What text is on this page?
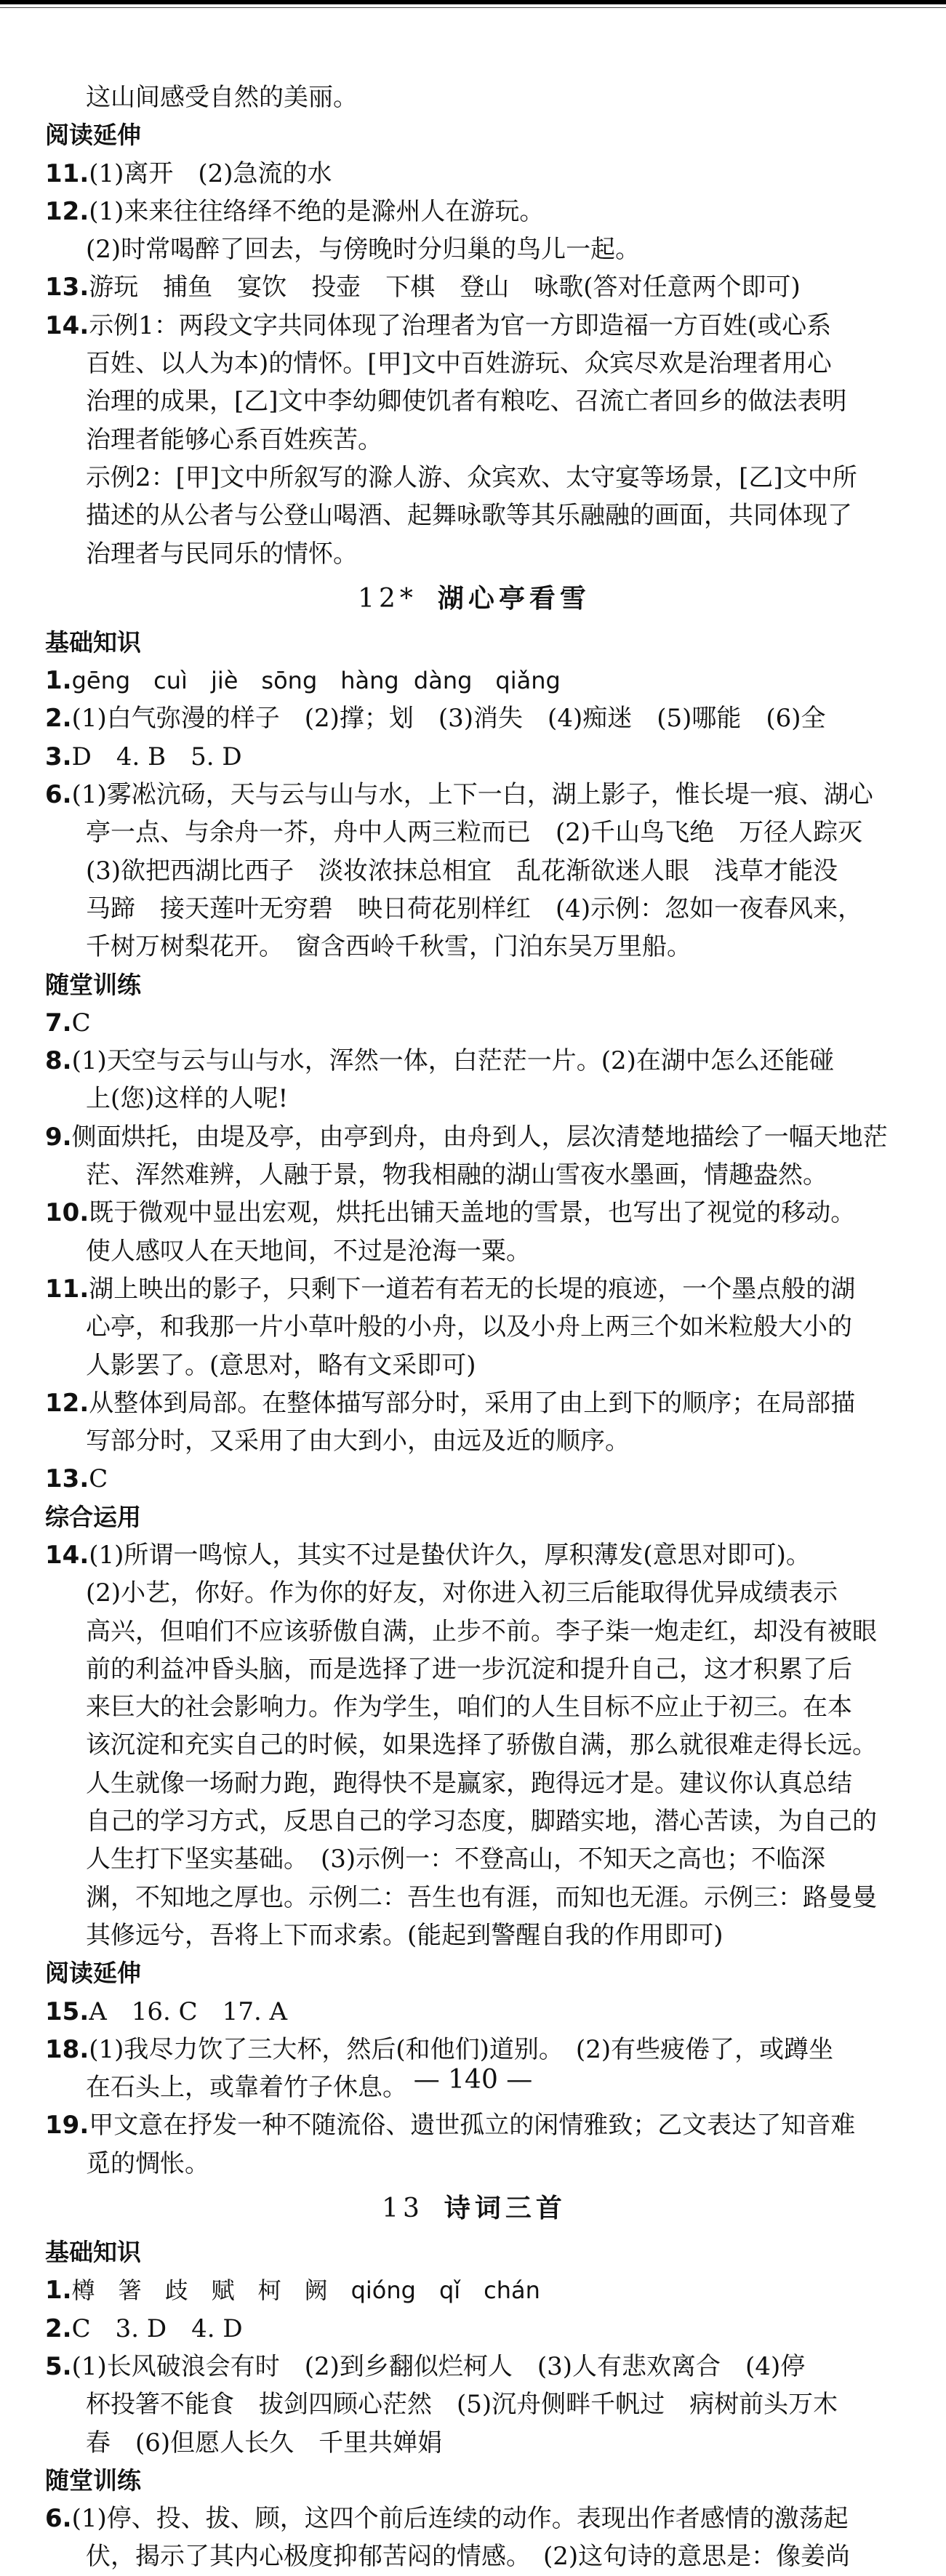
这山间感受自然的美丽。
阅读延伸
11.(1)离开　(2)急流的水
12.(1)来来往往络绎不绝的是滁州人在游玩。
(2)时常喝醉了回去，与傍晚时分归巢的鸟儿一起。
13.游玩　捕鱼　宴饮　投壶　下棋　登山　咏歌(答对任意两个即可)
14.示例1：两段文字共同体现了治理者为官一方即造福一方百姓(或心系
百姓、以人为本)的情怀。[甲]文中百姓游玩、众宾尽欢是治理者用心
治理的成果，[乙]文中李幼卿使饥者有粮吃、召流亡者回乡的做法表明
治理者能够心系百姓疾苦。
示例2：[甲]文中所叙写的滁人游、众宾欢、太守宴等场景，[乙]文中所
描述的从公者与公登山喝酒、起舞咏歌等其乐融融的画面，共同体现了
治理者与民同乐的情怀。
12* 湖心亭看雪
基础知识
1.gēng　cuì　jiè　sōng　hàng dàng　qiǎng
2.(1)白气弥漫的样子　(2)撑；划　(3)消失　(4)痴迷　(5)哪能　(6)全
3.D　4. B　5. D
6.(1)雾凇沆砀，天与云与山与水，上下一白，湖上影子，惟长堤一痕、湖心
亭一点、与余舟一芥，舟中人两三粒而已　(2)千山鸟飞绝　万径人踪灭
(3)欲把西湖比西子　淡妆浓抹总相宜　乱花渐欲迷人眼　浅草才能没
马蹄　接天莲叶无穷碧　映日荷花别样红　(4)示例：忽如一夜春风来，
千树万树梨花开。　窗含西岭千秋雪，门泊东吴万里船。
随堂训练
7.C
8.(1)天空与云与山与水，浑然一体，白茫茫一片。(2)在湖中怎么还能碰
上(您)这样的人呢!
9.侧面烘托，由堤及亭，由亭到舟，由舟到人，层次清楚地描绘了一幅天地茫
茫、浑然难辨，人融于景，物我相融的湖山雪夜水墨画，情趣盎然。
10.既于微观中显出宏观，烘托出铺天盖地的雪景，也写出了视觉的移动。
使人感叹人在天地间，不过是沧海一粟。
11.湖上映出的影子，只剩下一道若有若无的长堤的痕迹，一个墨点般的湖
心亭，和我那一片小草叶般的小舟，以及小舟上两三个如米粒般大小的
人影罢了。(意思对，略有文采即可)
12.从整体到局部。在整体描写部分时，采用了由上到下的顺序；在局部描
写部分时，又采用了由大到小，由远及近的顺序。
13.C
综合运用
14.(1)所谓一鸣惊人，其实不过是蛰伏许久，厚积薄发(意思对即可)。
(2)小艺，你好。作为你的好友，对你进入初三后能取得优异成绩表示
高兴，但咱们不应该骄傲自满，止步不前。李子柒一炮走红，却没有被眼
前的利益冲昏头脑，而是选择了进一步沉淀和提升自己，这才积累了后
来巨大的社会影响力。作为学生，咱们的人生目标不应止于初三。在本
该沉淀和充实自己的时候，如果选择了骄傲自满，那么就很难走得长远。
人生就像一场耐力跑，跑得快不是赢家，跑得远才是。建议你认真总结
自己的学习方式，反思自己的学习态度，脚踏实地，潜心苦读，为自己的
人生打下坚实基础。　(3)示例一：不登高山，不知天之高也；不临深
渊，不知地之厚也。示例二：吾生也有涯，而知也无涯。示例三：路曼曼
其修远兮，吾将上下而求索。(能起到警醒自我的作用即可)
阅读延伸
15.A　16. C　17. A
18.(1)我尽力饮了三大杯，然后(和他们)道别。　(2)有些疲倦了，或蹲坐
在石头上，或靠着竹子休息。
19.甲文意在抒发一种不随流俗、遗世孤立的闲情雅致；乙文表达了知音难
觅的惆怅。
13 诗词三首
基础知识
1.樽　箸　歧　赋　柯　阙　qióng　qǐ　chán
2.C　3. D　4. D
5.(1)长风破浪会有时　(2)到乡翻似烂柯人　(3)人有悲欢离合　(4)停
杯投箸不能食　拔剑四顾心茫然　(5)沉舟侧畔千帆过　病树前头万木
春　(6)但愿人长久　千里共婵娟
随堂训练
6.(1)停、投、拔、顾，这四个前后连续的动作。表现出作者感情的激荡起
伏，揭示了其内心极度抑郁苦闷的情感。　(2)这句诗的意思是：像姜尚
— 140 —
